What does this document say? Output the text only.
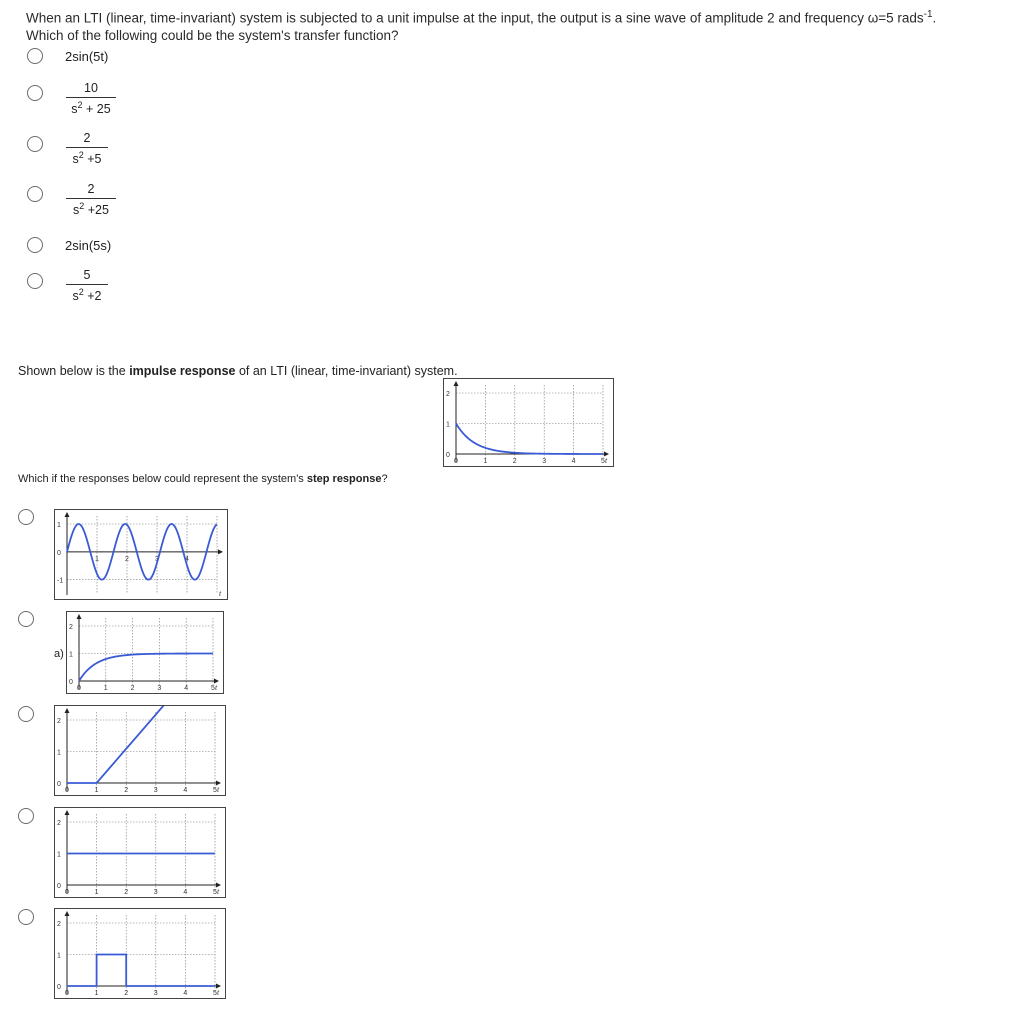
When an LTI (linear, time-invariant) system is subjected to a unit impulse at the input, the output is a sine wave of amplitude 2 and frequency ω=5 rads$^{-1}$.
Which of the following could be the system's transfer function?
2sin(5t)
10
$s^2 + 25$
2
$s^2 +5$
2
$s^2 +25$
2sin(5s)
5
$s^2 +2$
Shown below is the impulse response of an LTI (linear, time-invariant) system.
2
1
0
0	1	2	3	4	5 t
Which if the responses below could represent the system's step response?
1
0
-1
1	2	3	4
t
a)
2
1
0
0	1	2	3	4	5 t
2
1
0
0	1	2	3	4	5 t
2
1
0
0	1	2	3	4	5 t
2
1
0
0	1	2	3	4	5 t
